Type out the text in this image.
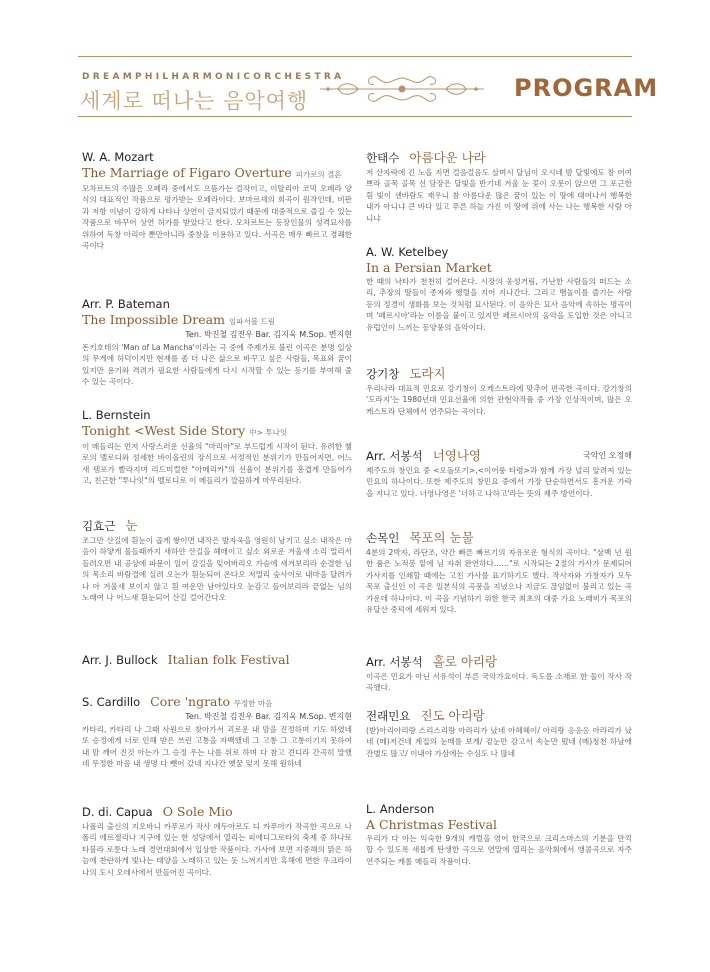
DREAMPHILHARMONICORCHESTRA
세계로 떠나는 음악여행	PROGRAM
W. A. Mozart
The Marriage of Figaro Overture 피가로의 결혼
모차르트의 수많은 오페라 중에서도 으뜸가는 걸작이고, 이탈리아 코믹 오페라 양식의 대표적인 작품으로 평가받는 오페라이다. 보마르셰의 희곡이 원작인데, 비판과 저항 이념이 강하게 나타나 상연이 금지되었기 때문에 대중적으로 즐길 수 있는 작품으로 바꾸어 상연 허가를 받았다고 한다. 모차르트는 등장인물의 성격묘사를 위하여 독창 아리아 뿐만아니라 중창을 이용하고 있다. 서곡은 매우 빠르고 경쾌한 곡이다
Arr. P. Bateman
The Impossible Dream 임파서블 드림
Ten. 박진철 김진우 Bar. 김지욱 M.Sop. 변지현
돈키호테의 'Man of La Mancha'이라는 극 중에 주제가로 불린 이곡은 분명 일상의 무게에 허덕이지만 현재를 좀 더 나은 삶으로 바꾸고 싶은 사람들, 목표와 꿈이 있지만 용기와 격려가 필요한 사람들에게 다시 시작할 수 있는 동기를 부여해 줄 수 있는 곡이다.
L. Bernstein
Tonight <West Side Story 中> 투나잇
이 메들리는 먼저 사랑스러운 선율의 "마리아"로 부드럽게 시작이 된다. 유려한 첼로의 멜로디와 섬세한 바이올린의 장식으로 서정적인 분위기가 만들어지면, 어느새 템포가 빨라지며 리드미컬한 "아메리카"의 선율이 분위기를 흥겹게 만들어가고, 친근한 "투나잇"의 멜로디로 이 메들리가 깔끔하게 마무리된다.
김효근 눈
조그만 산길에 흰눈이 곱게 쌓이면 내작은 발자욱을 영원히 남기고 싶소 내작은 마음이 하얗게 물들때까지 새하얀 산길을 헤매이고 싶소 외로운 겨울새 소리 멀리서 들려오면 내 공상에 파문이 일어 갈길을 잊어버리오 가슴에 새겨보리라 순결한 님의 목소리 바람결에 실려 오는가 흰눈되어 온다오 저멀리 숲사이로 내마음 달려가나 아 겨울새 보이지 않고 흰 여운만 남아있다오 눈감고 들어보리라 끝없는 님의 노래여 나 어느새 흰눈되어 산길 걸어간다오
Arr. J. Bullock Italian folk Festival
S. Cardillo Core 'ngrato 무정한 마음
Ten. 박진철 김진우 Bar. 김지욱 M.Sop. 변지현
카타리, 카타리 나 그때 사원으로 찾아가서 괴로운 내 맘을 진정하며 기도 하였네 또 승정에게 너로 인해 받은 쓰린 고통을 자백했네 그 고통 그 고통이기지 못하여 내 맘 깨어 진것 아는가 그 승정 우는 나를 위로 하며 다 참고 견디라 간곡히 말했네 무정한 마음 내 생명 다 뺏어 갔네 지나간 옛꿈 잊지 못해 원하네
D. di. Capua O Sole Mio
나폴리 출신의 지오바니 카푸로가 작사 에두아르도 디 카푸아가 작곡한 곡으로 나폴리 에르젤리나 지구에 있는 한 성당에서 열리는 피에디그로타의 축제 중 하나로 타블라 로툰다 노래 경연대회에서 입상한 작품이다. 가사에 보면 지중해의 맑은 하늘에 찬란하게 빛나는 태양을 노래하고 있는 듯 느껴지지만 흑해에 면한 우크라이나의 도시 오데사에서 만들어진 곡이다.
한태수 아름다운 나라
저 산자락에 긴 노을 지면 걸음걸음도 살며시 달님이 오시네 밤 달빛에도 참 어여쁘라 골목 골목 선 담장은 달빛을 반기네 겨울 눈 꽃이 오롯이 앉으면 그 포근한 흰 빛이 센바람도 재우니 참 아름다운 많은 꿈이 있는 이 땅에 태어나서 행복한 내가 아니냐 큰 바다 있고 푸른 하늘 가진 이 땅에 위에 사는 나는 행복한 사람 아니냐
A. W. Ketelbey
In a Persian Market
한 때의 낙타가 천천히 걸어온다. 시장의 웅성거림, 가난한 사람들의 떠드는 소리, 추장의 딸들이 종자와 행렬을 지어 지나간다. 그리고 뱀놀이를 즐기는 사람 등의 정경이 생화를 보는 것처럼 묘사된다. 이 음악은 묘사 음악에 속하는 명곡이며 '페르시아'라는 이름을 붙이고 있지만 페르시아의 음악을 도입한 것은 아니고 유럽인이 느끼는 동양풍의 음악이다.
강기창 도라지
우리나라 대표적 민요로 강기창이 오케스트라에 맞추어 편곡한 곡이다. 강기창의 '도라지'는 1980년대 민요선율에 의한 관현악작품 중 가장 인상적이며, 많은 오케스트라 단체에서 연주되는 곡이다.
Arr. 서봉석 너영나영	국악인 오정해
제주도의 창민요 중 <오돌또기>,<이어룽 타령>과 함께 가장 널리 알려져 있는 민요의 하나이다. 또한 제주도의 창민요 중에서 가장 단순하면서도 흥겨운 가락을 지니고 있다. 너영나영은 '너하고 나하고'라는 뜻의 제주 방언이다.
손목인 목포의 눈물
4분의 2박자, 라단조, 약간 빠른 빠르기의 자유로운 형식의 곡이다. "삼백 년 원한 품은 노적봉 밑에 님 자취 완연하다……"로 시작되는 2절의 가사가 문제되어 가사지를 인쇄할 때에는 고친 가사를 표기하기도 했다. 작사자와 가창자가 모두 목포 출신인 이 곡은 일본식의 곡풍을 지녔으나 지금도 끊임없이 불리고 있는 곡 가운데 하나이다. 이 곡을 기념하기 위한 한국 최초의 대중 가요 노래비가 목포의 유달산 중턱에 세워져 있다.
Arr. 서봉석 홀로 아리랑
이곡은 민요가 아닌 서유석이 부른 국악가요이다. 독도를 소재로 한 둘이 작사 작곡했다.
전래민요 진도 아리랑
(받)아리아리랑 스리스리랑 아라리가 났네 아헤헤이/ 아리랑 응응응 아라리가 났네 (메)저건네 계집의 눈매를 보게/ 겉눈만 감고서 속눈만 떴네 (메)청천 하날에 잔별도 많고/ 이내야 가삼에는 수심도 나 많네
L. Anderson
A Christmas Festival
우리가 다 아는 익숙한 9개의 캐럴을 엮어 한국으로 크리스마스의 기분을 만끽 할 수 있도록 새롭게 탄생한 곡으로 연말에 열리는 음악회에서 앵콜곡으로 자주 연주되는 캐롤 메들리 작품이다.
